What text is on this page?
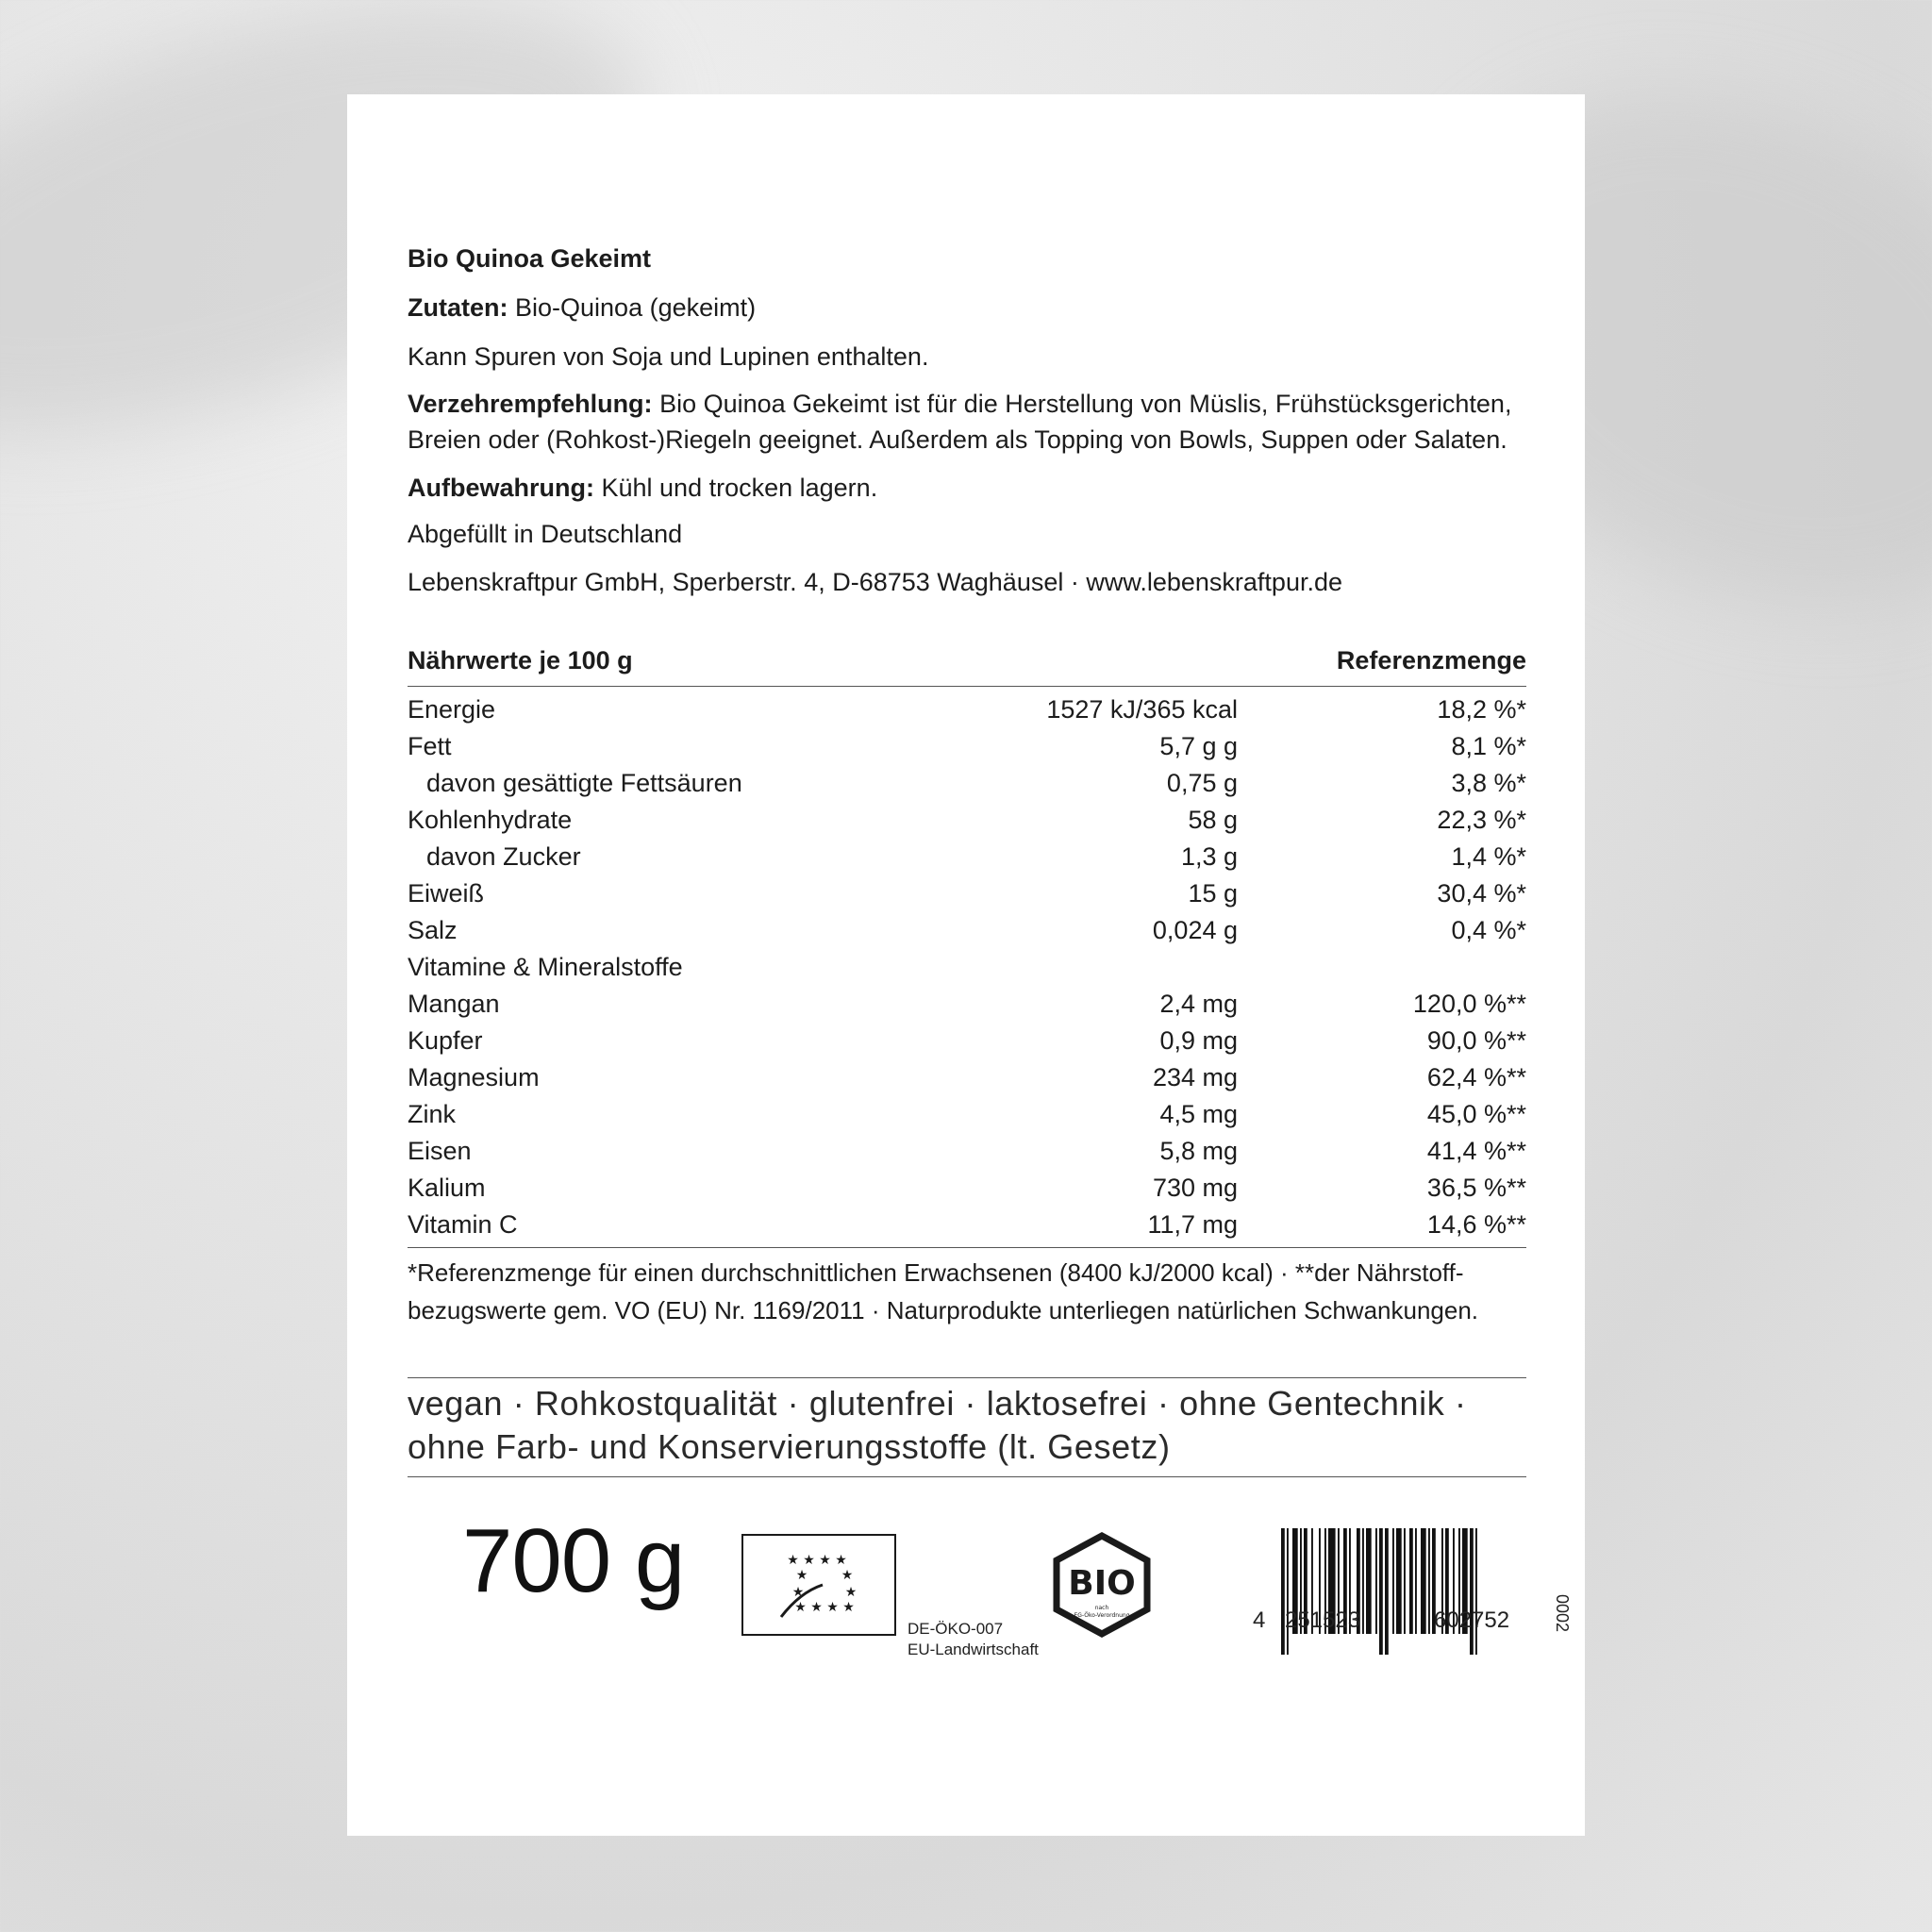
Bio Quinoa Gekeimt

Zutaten: Bio-Quinoa (gekeimt)

Kann Spuren von Soja und Lupinen enthalten.

Verzehrempfehlung: Bio Quinoa Gekeimt ist für die Herstellung von Müslis, Frühstücksgerichten, Breien oder (Rohkost-)Riegeln geeignet. Außerdem als Topping von Bowls, Suppen oder Salaten.

Aufbewahrung: Kühl und trocken lagern.

Abgefüllt in Deutschland

Lebenskraftpur GmbH, Sperberstr. 4, D-68753 Waghäusel · www.lebenskraftpur.de

Nährwerte je 100 g	Referenzmenge
Energie	1527 kJ/365 kcal	18,2 %*
Fett	5,7 g g	8,1 %*
davon gesättigte Fettsäuren	0,75 g	3,8 %*
Kohlenhydrate	58 g	22,3 %*
davon Zucker	1,3 g	1,4 %*
Eiweiß	15 g	30,4 %*
Salz	0,024 g	0,4 %*
Vitamine & Mineralstoffe
Mangan	2,4 mg	120,0 %**
Kupfer	0,9 mg	90,0 %**
Magnesium	234 mg	62,4 %**
Zink	4,5 mg	45,0 %**
Eisen	5,8 mg	41,4 %**
Kalium	730 mg	36,5 %**
Vitamin C	11,7 mg	14,6 %**
*Referenzmenge für einen durchschnittlichen Erwachsenen (8400 kJ/2000 kcal) · **der Nährstoff-
bezugswerte gem. VO (EU) Nr. 1169/2011 · Naturprodukte unterliegen natürlichen Schwankungen.
vegan · Rohkostqualität · glutenfrei · laktosefrei · ohne Gentechnik ·
ohne Farb- und Konservierungsstoffe (lt. Gesetz)
700 g	★ ★ ★ ★
★	★
★	★
★ ★ ★ ★
DE-ÖKO-007
EU-Landwirtschaft
BIO
nach
EG-Öko-Verordnung	4 251523	602752	0002
